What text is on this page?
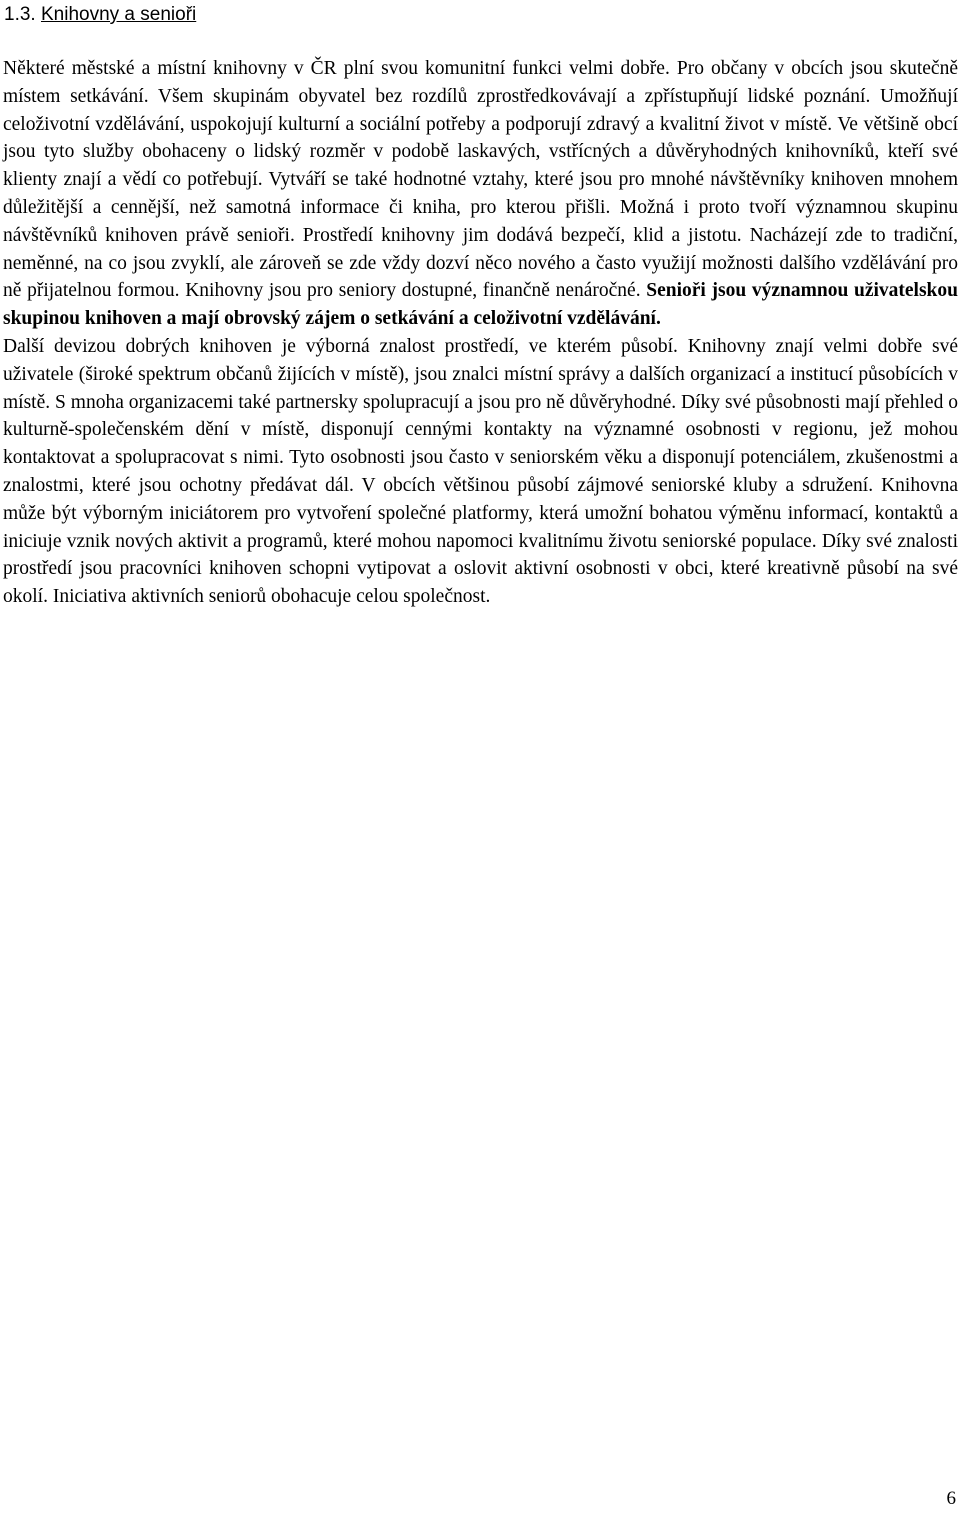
1.3. Knihovny a senioři

Některé městské a místní knihovny v ČR plní svou komunitní funkci velmi dobře. Pro občany v obcích jsou skutečně místem setkávání. Všem skupinám obyvatel bez rozdílů zprostředkovávají a zpřístupňují lidské poznání. Umožňují celoživotní vzdělávání, uspokojují kulturní a sociální potřeby a podporují zdravý a kvalitní život v místě. Ve většině obcí jsou tyto služby obohaceny o lidský rozměr v podobě laskavých, vstřícných a důvěryhodných knihovníků, kteří své klienty znají a vědí co potřebují. Vytváří se také hodnotné vztahy, které jsou pro mnohé návštěvníky knihoven mnohem důležitější a cennější, než samotná informace či kniha, pro kterou přišli. Možná i proto tvoří významnou skupinu návštěvníků knihoven právě senioři. Prostředí knihovny jim dodává bezpečí, klid a jistotu. Nacházejí zde to tradiční, neměnné, na co jsou zvyklí, ale zároveň se zde vždy dozví něco nového a často využijí možnosti dalšího vzdělávání pro ně přijatelnou formou. Knihovny jsou pro seniory dostupné, finančně nenáročné. Senioři jsou významnou uživatelskou skupinou knihoven a mají obrovský zájem o setkávání a celoživotní vzdělávání.

Další devizou dobrých knihoven je výborná znalost prostředí, ve kterém působí. Knihovny znají velmi dobře své uživatele (široké spektrum občanů žijících v místě), jsou znalci místní správy a dalších organizací a institucí působících v místě. S mnoha organizacemi také partnersky spolupracují a jsou pro ně důvěryhodné. Díky své působnosti mají přehled o kulturně-společenském dění v místě, disponují cennými kontakty na významné osobnosti v regionu, jež mohou kontaktovat a spolupracovat s nimi. Tyto osobnosti jsou často v seniorském věku a disponují potenciálem, zkušenostmi a znalostmi, které jsou ochotny předávat dál. V obcích většinou působí zájmové seniorské kluby a sdružení. Knihovna může být výborným iniciátorem pro vytvoření společné platformy, která umožní bohatou výměnu informací, kontaktů a iniciuje vznik nových aktivit a programů, které mohou napomoci kvalitnímu životu seniorské populace. Díky své znalosti prostředí jsou pracovníci knihoven schopni vytipovat a oslovit aktivní osobnosti v obci, které kreativně působí na své okolí. Iniciativa aktivních seniorů obohacuje celou společnost.

6
